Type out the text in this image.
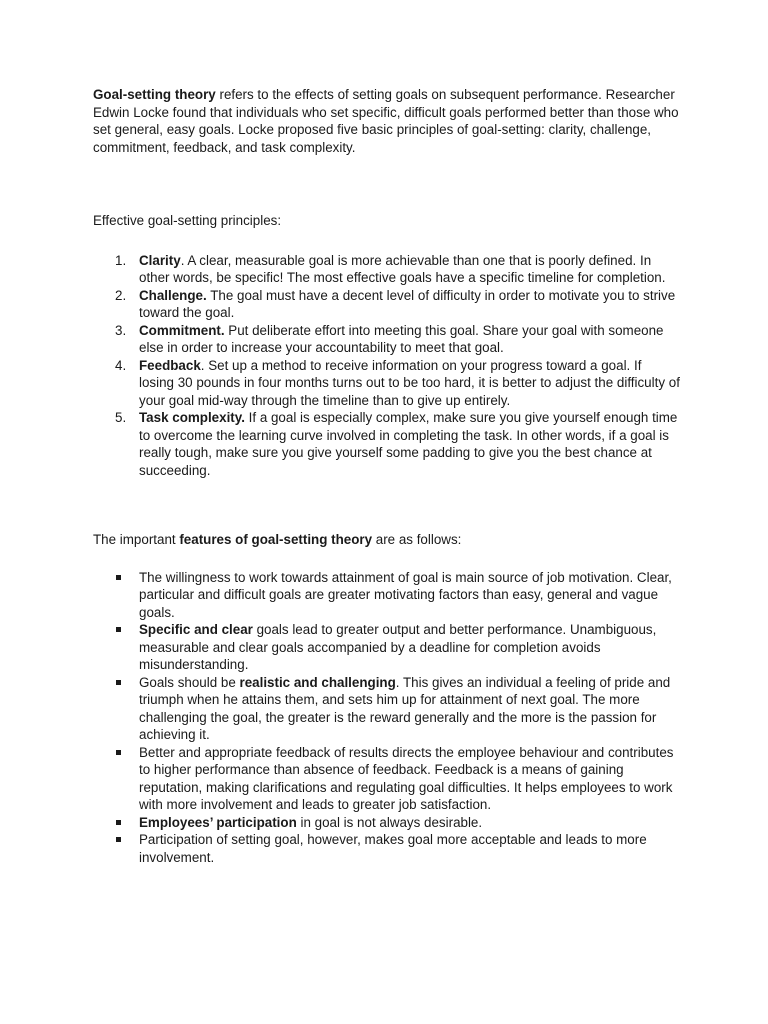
Goal-setting theory refers to the effects of setting goals on subsequent performance. Researcher Edwin Locke found that individuals who set specific, difficult goals performed better than those who set general, easy goals. Locke proposed five basic principles of goal-setting: clarity, challenge, commitment, feedback, and task complexity.

Effective goal-setting principles:

1. Clarity. A clear, measurable goal is more achievable than one that is poorly defined. In other words, be specific! The most effective goals have a specific timeline for completion.
2. Challenge. The goal must have a decent level of difficulty in order to motivate you to strive toward the goal.
3. Commitment. Put deliberate effort into meeting this goal. Share your goal with someone else in order to increase your accountability to meet that goal.
4. Feedback. Set up a method to receive information on your progress toward a goal. If losing 30 pounds in four months turns out to be too hard, it is better to adjust the difficulty of your goal mid-way through the timeline than to give up entirely.
5. Task complexity. If a goal is especially complex, make sure you give yourself enough time to overcome the learning curve involved in completing the task. In other words, if a goal is really tough, make sure you give yourself some padding to give you the best chance at succeeding.

The important features of goal-setting theory are as follows:

The willingness to work towards attainment of goal is main source of job motivation. Clear, particular and difficult goals are greater motivating factors than easy, general and vague goals.
Specific and clear goals lead to greater output and better performance. Unambiguous, measurable and clear goals accompanied by a deadline for completion avoids misunderstanding.
Goals should be realistic and challenging. This gives an individual a feeling of pride and triumph when he attains them, and sets him up for attainment of next goal. The more challenging the goal, the greater is the reward generally and the more is the passion for achieving it.
Better and appropriate feedback of results directs the employee behaviour and contributes to higher performance than absence of feedback. Feedback is a means of gaining reputation, making clarifications and regulating goal difficulties. It helps employees to work with more involvement and leads to greater job satisfaction.
Employees’ participation in goal is not always desirable.
Participation of setting goal, however, makes goal more acceptable and leads to more involvement.
